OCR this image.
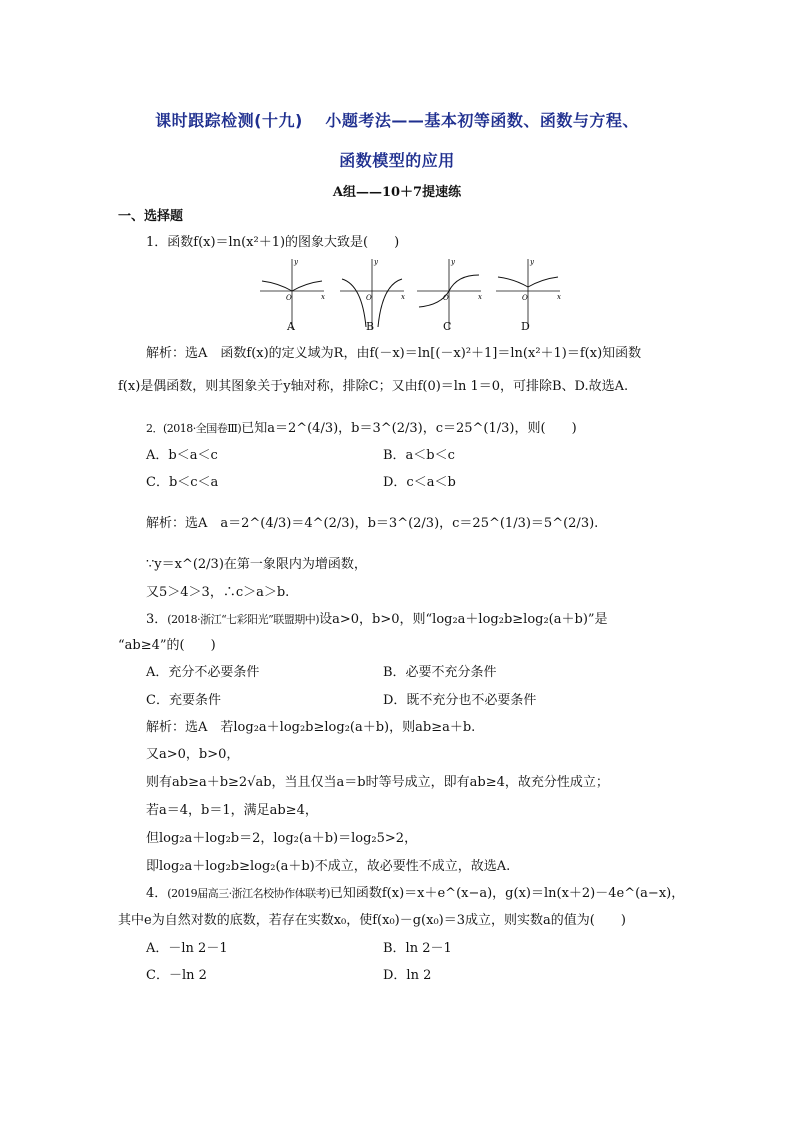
课时跟踪检测(十九)　 小题考法——基本初等函数、函数与方程、
函数模型的应用
A组——10＋7提速练
一、选择题
1．函数f(x)＝ln(x²＋1)的图象大致是(　　)
y
x
O
y
x
O
y
x
O
y
x
O
A	B	C	D
解析：选A　函数f(x)的定义域为R，由f(－x)＝ln[(－x)²＋1]＝ln(x²＋1)＝f(x)知函数
f(x)是偶函数，则其图象关于y轴对称，排除C；又由f(0)＝ln 1＝0，可排除B、D.故选A.
2．(2018·全国卷Ⅲ)已知a＝2^(4/3)，b＝3^(2/3)，c＝25^(1/3)，则(　　)
A．b＜a＜c	B．a＜b＜c
C．b＜c＜a	D．c＜a＜b
解析：选A　a＝2^(4/3)＝4^(2/3)，b＝3^(2/3)，c＝25^(1/3)＝5^(2/3).
∵y＝x^(2/3)在第一象限内为增函数，
又5＞4＞3，∴c＞a＞b.
3．(2018·浙江“七彩阳光”联盟期中)设a>0，b>0，则“log₂a＋log₂b≥log₂(a＋b)”是
“ab≥4”的(　　)
A．充分不必要条件	B．必要不充分条件
C．充要条件	D．既不充分也不必要条件
解析：选A　若log₂a＋log₂b≥log₂(a＋b)，则ab≥a＋b.
又a>0，b>0，
则有ab≥a＋b≥2√ab，当且仅当a＝b时等号成立，即有ab≥4，故充分性成立；
若a＝4，b＝1，满足ab≥4，
但log₂a＋log₂b＝2，log₂(a＋b)＝log₂5>2，
即log₂a＋log₂b≥log₂(a＋b)不成立，故必要性不成立，故选A.
4．(2019届高三·浙江名校协作体联考)已知函数f(x)＝x＋e^(x−a)，g(x)＝ln(x＋2)－4e^(a−x)，
其中e为自然对数的底数，若存在实数x₀，使f(x₀)－g(x₀)＝3成立，则实数a的值为(　　)
A．－ln 2－1	B．ln 2－1
C．－ln 2	D．ln 2
